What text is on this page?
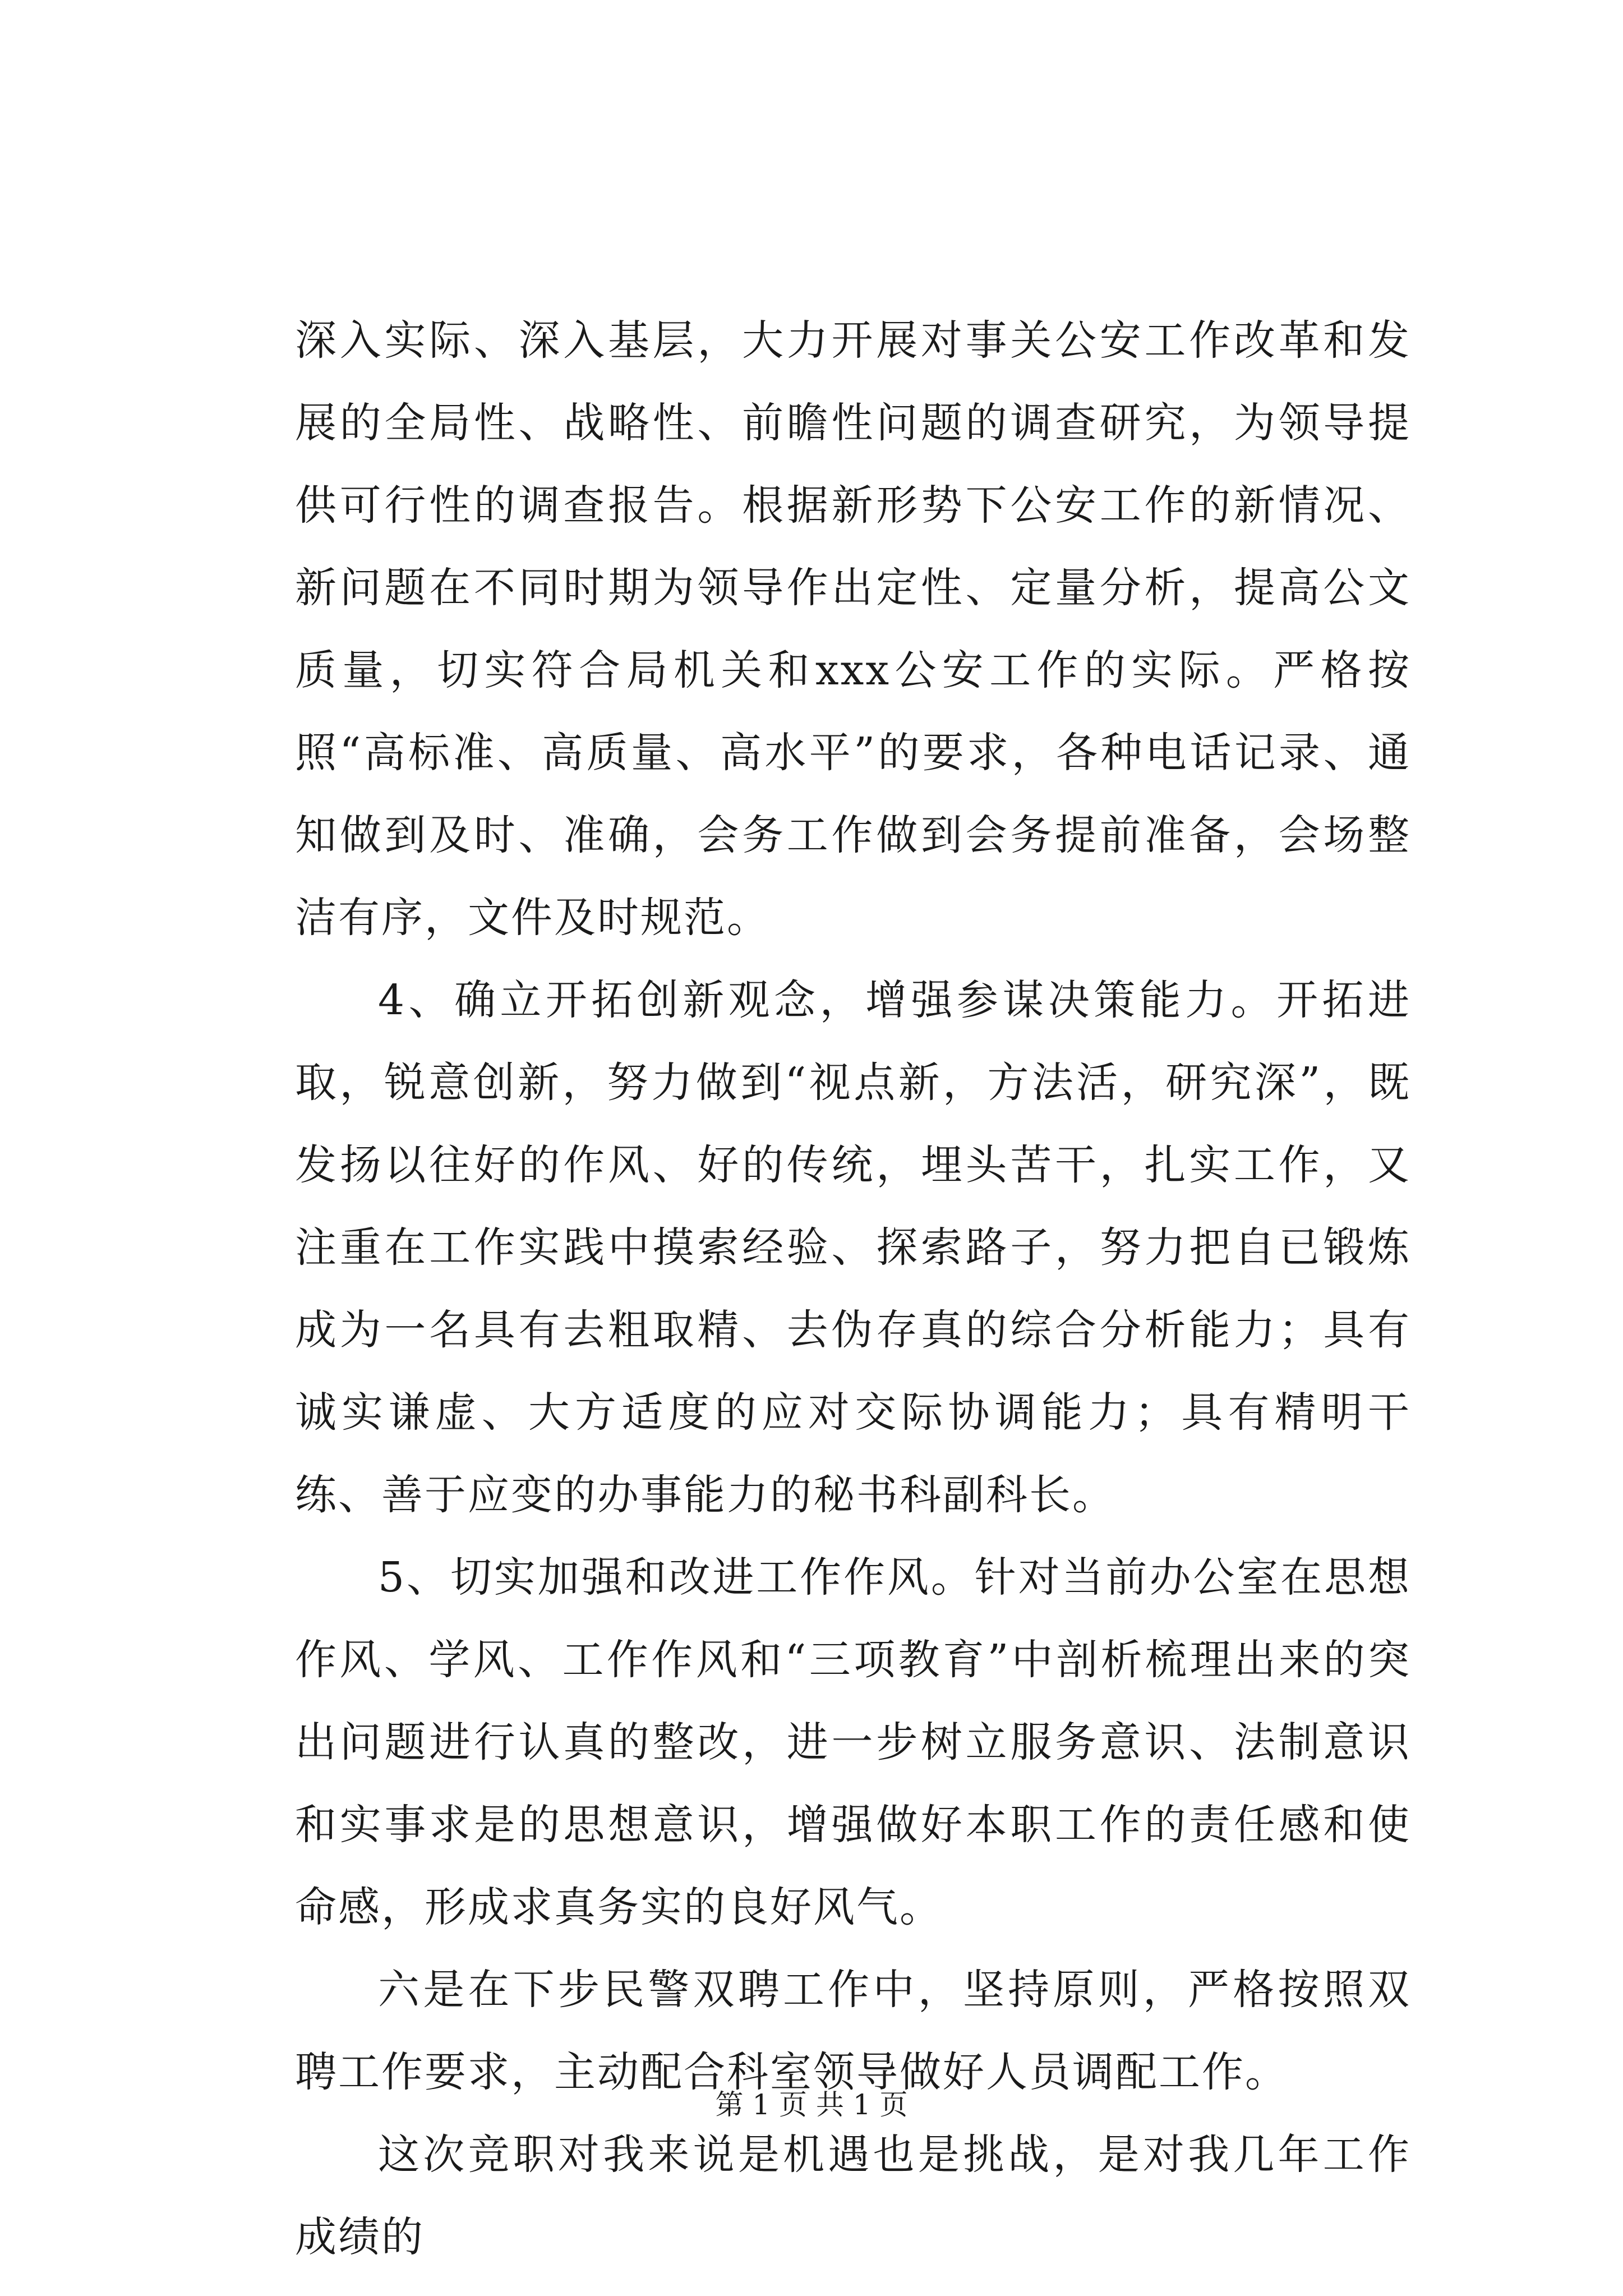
深入实际、深入基层，大力开展对事关公安工作改革和发展的全局性、战略性、前瞻性问题的调查研究，为领导提供可行性的调查报告。根据新形势下公安工作的新情况、新问题在不同时期为领导作出定性、定量分析，提高公文质量，切实符合局机关和xxx公安工作的实际。严格按照“高标准、高质量、高水平”的要求，各种电话记录、通知做到及时、准确，会务工作做到会务提前准备，会场整洁有序，文件及时规范。

4、确立开拓创新观念，增强参谋决策能力。开拓进取，锐意创新，努力做到“视点新，方法活，研究深”，既发扬以往好的作风、好的传统，埋头苦干，扎实工作，又注重在工作实践中摸索经验、探索路子，努力把自已锻炼成为一名具有去粗取精、去伪存真的综合分析能力；具有诚实谦虚、大方适度的应对交际协调能力；具有精明干练、善于应变的办事能力的秘书科副科长。

5、切实加强和改进工作作风。针对当前办公室在思想作风、学风、工作作风和“三项教育”中剖析梳理出来的突出问题进行认真的整改，进一步树立服务意识、法制意识和实事求是的思想意识，增强做好本职工作的责任感和使命感，形成求真务实的良好风气。

六是在下步民警双聘工作中，坚持原则，严格按照双聘工作要求，主动配合科室领导做好人员调配工作。

这次竞职对我来说是机遇也是挑战，是对我几年工作成绩的

第 1 页 共 1 页
